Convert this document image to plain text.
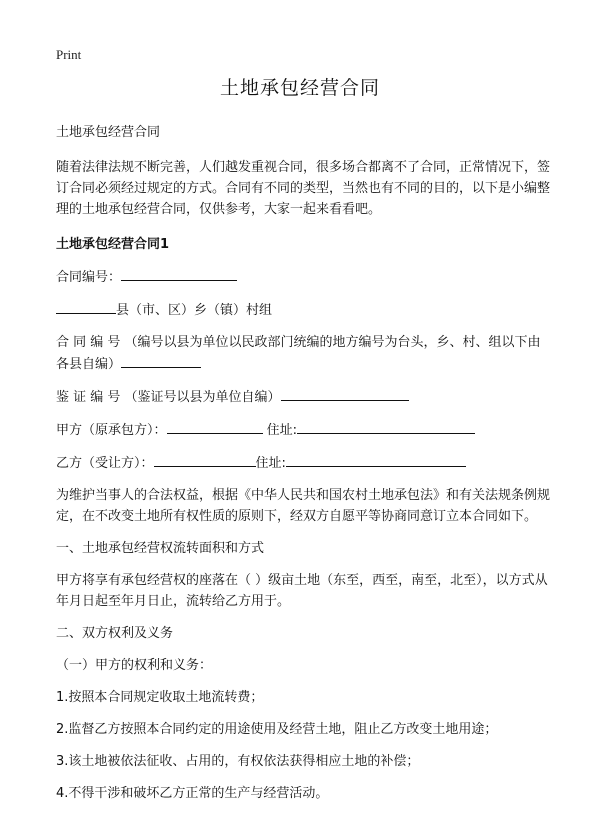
Print
土地承包经营合同

土地承包经营合同

随着法律法规不断完善，人们越发重视合同，很多场合都离不了合同，正常情况下，签订合同必须经过规定的方式。合同有不同的类型，当然也有不同的目的，以下是小编整理的土地承包经营合同，仅供参考，大家一起来看看吧。

土地承包经营合同1

合同编号：

县（市、区）乡（镇）村组

合 同 编 号 （编号以县为单位以民政部门统编的地方编号为台头，乡、村、组以下由各县自编）

鉴 证 编 号 （鉴证号以县为单位自编）

甲方（原承包方）：	住址:

乙方（受让方）：	住址:

为维护当事人的合法权益，根据《中华人民共和国农村土地承包法》和有关法规条例规定，在不改变土地所有权性质的原则下，经双方自愿平等协商同意订立本合同如下。

一、土地承包经营权流转面积和方式

甲方将享有承包经营权的座落在（ ）级亩土地（东至，西至，南至，北至），以方式从年月日起至年月日止，流转给乙方用于。

二、双方权利及义务

（一）甲方的权利和义务：

1.按照本合同规定收取土地流转费；

2.监督乙方按照本合同约定的用途使用及经营土地，阻止乙方改变土地用途；

3.该土地被依法征收、占用的，有权依法获得相应土地的补偿；

4.不得干涉和破坏乙方正常的生产与经营活动。
